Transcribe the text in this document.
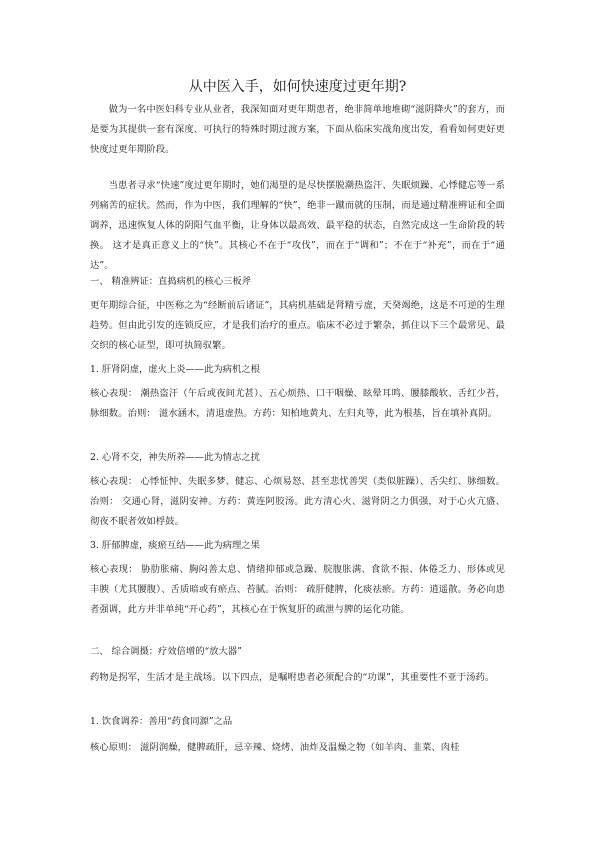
从中医入手，如何快速度过更年期?

做为一名中医妇科专业从业者，我深知面对更年期患者，绝非简单地堆砌“滋阴降火”的套方，而是要为其提供一套有深度、可执行的特殊时期过渡方案，下面从临床实战角度出发，看看如何更好更快度过更年期阶段。

当患者寻求“快速”度过更年期时，她们渴望的是尽快摆脱潮热盗汗、失眠烦躁、心悸健忘等一系列痛苦的症状。然而，作为中医，我们理解的“快”，绝非一蹴而就的压制，而是通过精准辨证和全面调养，迅速恢复人体的阴阳气血平衡，让身体以最高效、最平稳的状态，自然完成这一生命阶段的转换。 这才是真正意义上的“快”。其核心不在于“攻伐”，而在于“调和”；不在于“补充”，而在于“通达”。

一、 精准辨证：直捣病机的核心三板斧

更年期综合征，中医称之为“经断前后诸证”，其病机基础是肾精亏虚，天癸竭绝，这是不可逆的生理趋势。但由此引发的连锁反应，才是我们治疗的重点。临床不必过于繁杂，抓住以下三个最常见、最交织的核心证型，即可执简驭繁。

1. 肝肾阴虚，虚火上炎——此为病机之根

核心表现： 潮热盗汗（午后或夜间尤甚）、五心烦热、口干咽燥、眩晕耳鸣、腰膝酸软、舌红少苔，脉细数。治则： 滋水涵木，清退虚热。方药：知柏地黄丸、左归丸等，此为根基，旨在填补真阴。

2. 心肾不交，神失所养——此为情志之扰

核心表现： 心悸怔忡、失眠多梦、健忘、心烦易怒、甚至悲忧善哭（类似脏躁）、舌尖红、脉细数。治则： 交通心肾，滋阴安神。方药：黄连阿胶汤。此方清心火、滋肾阴之力俱强，对于心火亢盛、彻夜不眠者效如桴鼓。

3. 肝郁脾虚，痰瘀互结——此为病理之果

核心表现： 胁肋胀痛、胸闷善太息、情绪抑郁或急躁、脘腹胀满、食欲不振、体倦乏力、形体或见丰腴（尤其腰腹）、舌质暗或有瘀点、苔腻。治则： 疏肝健脾，化痰祛瘀。方药：逍遥散。务必向患者强调，此方并非单纯“开心药”，其核心在于恢复肝的疏泄与脾的运化功能。

二、 综合调摄：疗效倍增的“放大器”

药物是拐军，生活才是主战场。以下四点，是嘱咐患者必须配合的“功课”，其重要性不亚于汤药。

1. 饮食调养：善用“药食同源”之品

核心原则： 滋阴润燥，健脾疏肝，忌辛辣、烧烤、油炸及温燥之物（如羊肉、韭菜、肉桂
